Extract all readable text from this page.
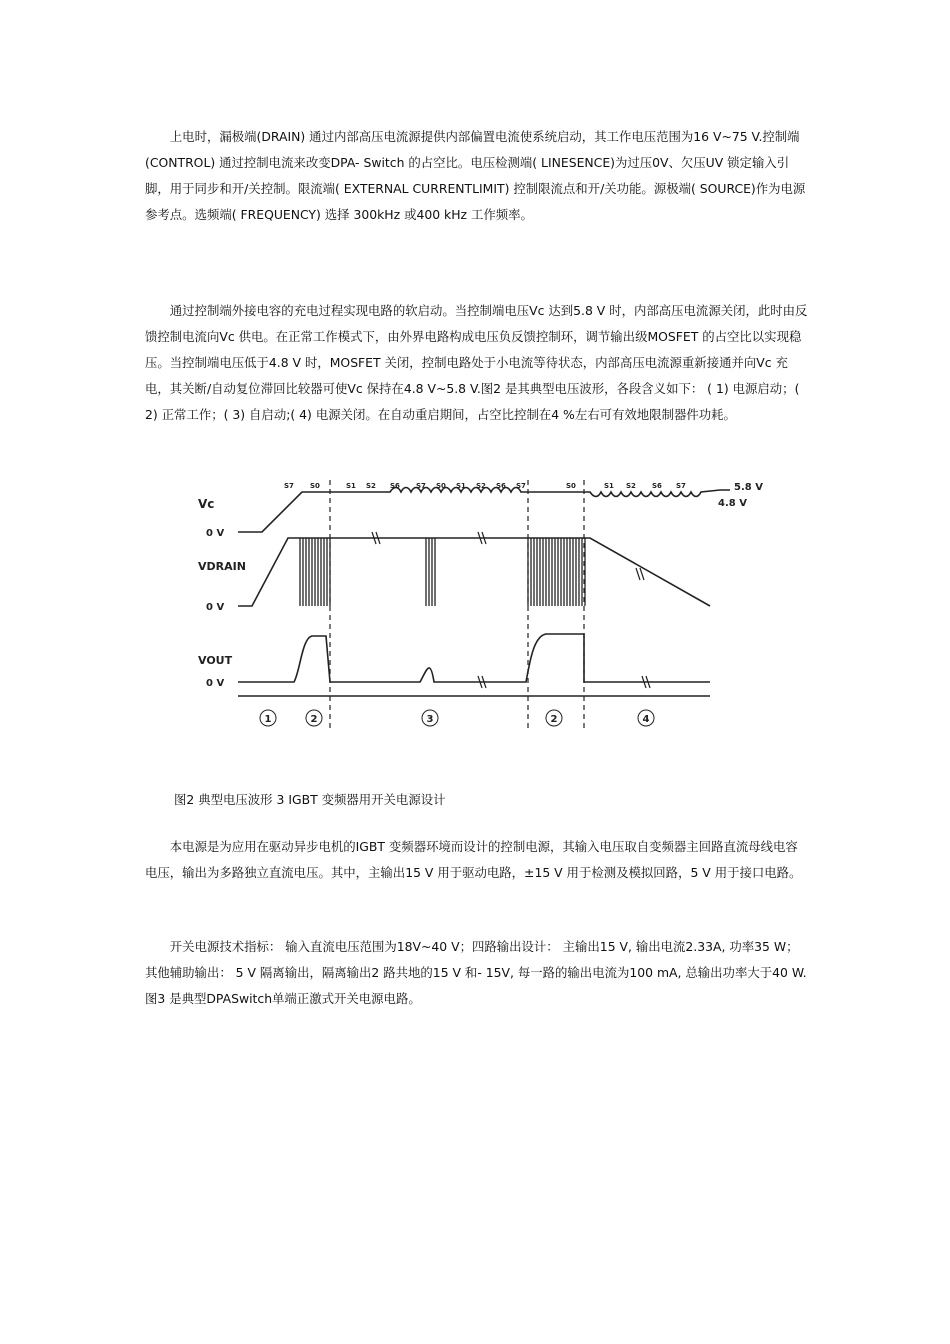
上电时，漏极端(DRAIN) 通过内部高压电流源提供内部偏置电流使系统启动，其工作电压范围为16 V~75 V.控制端(CONTROL) 通过控制电流来改变DPA- Switch 的占空比。电压检测端( LINESENCE)为过压0V、欠压UV 锁定输入引脚，用于同步和开/关控制。限流端( EXTERNAL CURRENTLIMIT) 控制限流点和开/关功能。源极端( SOURCE)作为电源参考点。选频端( FREQUENCY) 选择 300kHz 或400 kHz 工作频率。

通过控制端外接电容的充电过程实现电路的软启动。当控制端电压Vc 达到5.8 V 时，内部高压电流源关闭，此时由反馈控制电流向Vc 供电。在正常工作模式下，由外界电路构成电压负反馈控制环，调节输出级MOSFET 的占空比以实现稳压。当控制端电压低于4.8 V 时，MOSFET 关闭，控制电路处于小电流等待状态，内部高压电流源重新接通并向Vc 充电，其关断/自动复位滞回比较器可使Vc 保持在4.8 V~5.8 V.图2 是其典型电压波形，各段含义如下： ( 1) 电源启动；( 2) 正常工作；( 3) 自启动;( 4) 电源关闭。在自动重启期间，占空比控制在4 %左右可有效地限制器件功耗。

Vc
VDRAIN
VOUT
0 V
0 V
0 V
5.8 V
4.8 V
S7 S0	S1 S2 S6 S7 S0 S1 S2 S6 S7	S0	S1 S2 S6 S7
1	2	3	2	4
图2 典型电压波形 3 IGBT 变频器用开关电源设计

本电源是为应用在驱动异步电机的IGBT 变频器环境而设计的控制电源，其输入电压取自变频器主回路直流母线电容电压，输出为多路独立直流电压。其中，主输出15 V 用于驱动电路，±15 V 用于检测及模拟回路，5 V 用于接口电路。

开关电源技术指标： 输入直流电压范围为18V~40 V；四路输出设计： 主输出15 V, 输出电流2.33A, 功率35 W；其他辅助输出： 5 V 隔离输出，隔离输出2 路共地的15 V 和- 15V, 每一路的输出电流为100 mA, 总输出功率大于40 W.图3 是典型DPASwitch单端正激式开关电源电路。
